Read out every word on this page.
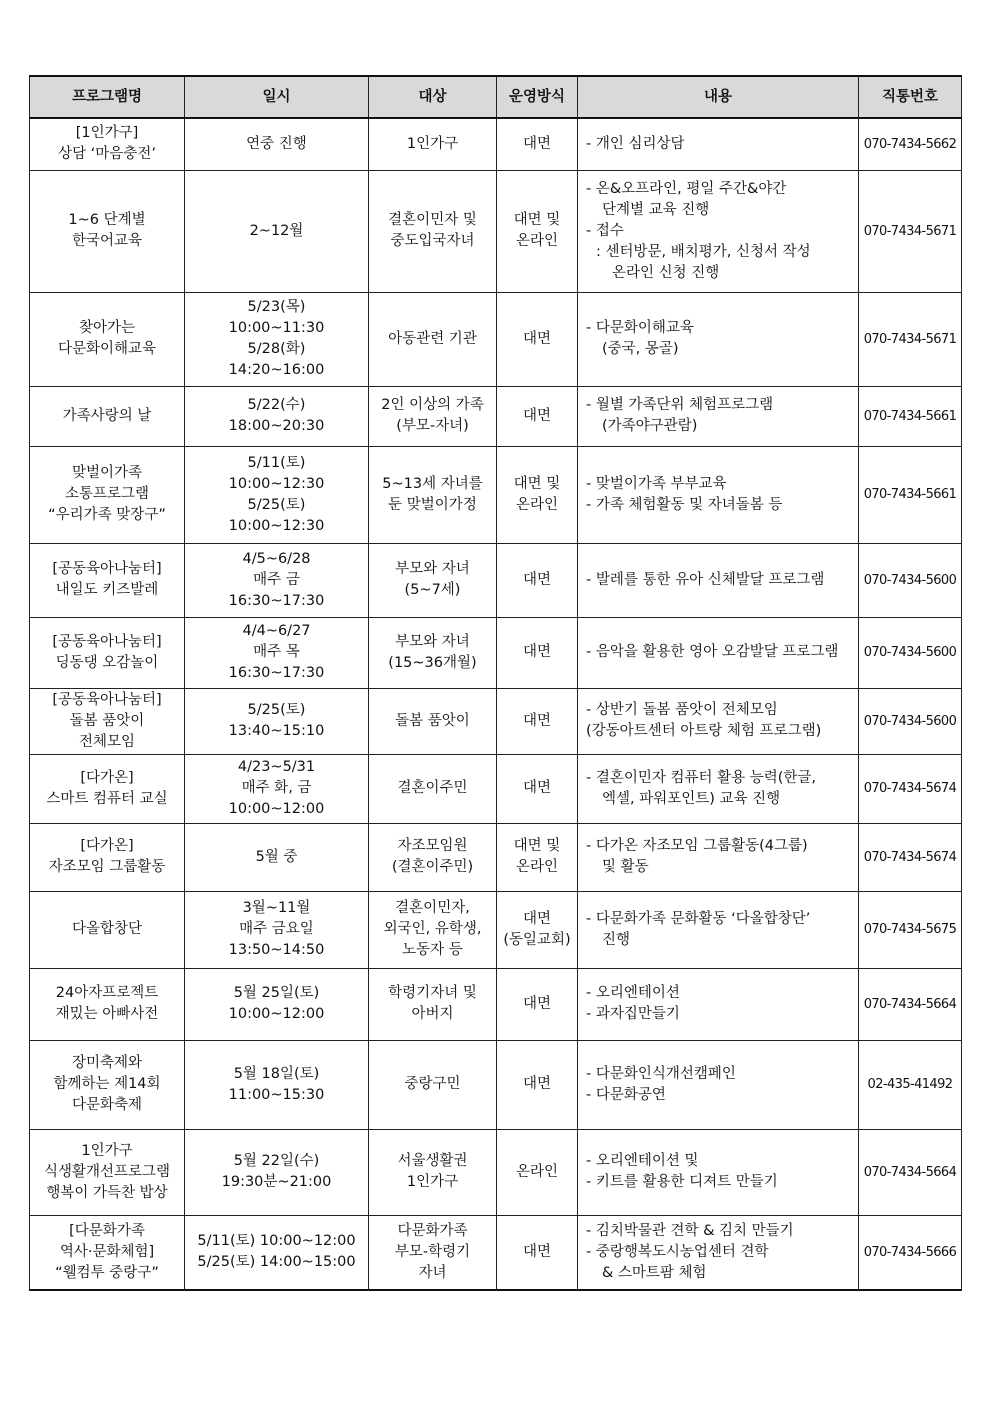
프로그램명	일시	대상	운영방식	내용	직통번호

[1인가구]
상담 ‘마음충전’	연중 진행	1인가구	대면	- 개인 심리상담	070-7434-5662

1~6 단계별
한국어교육	2~12월	결혼이민자 및
중도입국자녀	대면 및
온라인	- 온&오프라인, 평일 주간&야간
단계별 교육 진행
- 접수
: 센터방문, 배치평가, 신청서 작성
온라인 신청 진행	070-7434-5671

찾아가는
다문화이해교육	5/23(목)
10:00~11:30
5/28(화)
14:20~16:00	아동관련 기관	대면	- 다문화이해교육
(중국, 몽골)	070-7434-5671

가족사랑의 날	5/22(수)
18:00~20:30	2인 이상의 가족
(부모-자녀)	대면	- 월별 가족단위 체험프로그램
(가족야구관람)	070-7434-5661

맞벌이가족
소통프로그램
“우리가족 맞장구”	5/11(토)
10:00~12:30
5/25(토)
10:00~12:30	5~13세 자녀를
둔 맞벌이가정	대면 및
온라인	- 맞벌이가족 부부교육
- 가족 체험활동 및 자녀돌봄 등	070-7434-5661

[공동육아나눔터]
내일도 키즈발레	4/5~6/28
매주 금
16:30~17:30	부모와 자녀
(5~7세)	대면	- 발레를 통한 유아 신체발달 프로그램	070-7434-5600

[공동육아나눔터]
딩동댕 오감놀이	4/4~6/27
매주 목
16:30~17:30	부모와 자녀
(15~36개월)	대면	- 음악을 활용한 영아 오감발달 프로그램	070-7434-5600

[공동육아나눔터]
돌봄 품앗이
전체모임	5/25(토)
13:40~15:10	돌봄 품앗이	대면	- 상반기 돌봄 품앗이 전체모임
(강동아트센터 아트랑 체험 프로그램)	070-7434-5600

[다가온]
스마트 컴퓨터 교실	4/23~5/31
매주 화, 금
10:00~12:00	결혼이주민	대면	- 결혼이민자 컴퓨터 활용 능력(한글,
엑셀, 파워포인트) 교육 진행	070-7434-5674

[다가온]
자조모임 그룹활동	5월 중	자조모임원
(결혼이주민)	대면 및
온라인	- 다가온 자조모임 그룹활동(4그룹)
및 활동	070-7434-5674

다올합창단	3월~11월
매주 금요일
13:50~14:50	결혼이민자,
외국인, 유학생,
노동자 등	대면
(동일교회)	- 다문화가족 문화활동 ‘다올합창단’
진행	070-7434-5675

24아자프로젝트
재밌는 아빠사전	5월 25일(토)
10:00~12:00	학령기자녀 및
아버지	대면	- 오리엔테이션
- 과자집만들기	070-7434-5664

장미축제와
함께하는 제14회
다문화축제	5월 18일(토)
11:00~15:30	중랑구민	대면	- 다문화인식개선캠페인
- 다문화공연	02-435-41492

1인가구
식생활개선프로그램
행복이 가득찬 밥상	5월 22일(수)
19:30분~21:00	서울생활권
1인가구	온라인	- 오리엔테이션 및
- 키트를 활용한 디져트 만들기	070-7434-5664

[다문화가족
역사·문화체험]
“웰컴투 중랑구”	5/11(토) 10:00~12:00
5/25(토) 14:00~15:00	다문화가족
부모-학령기
자녀	대면	- 김치박물관 견학 & 김치 만들기
- 중랑행복도시농업센터 견학
& 스마트팜 체험	070-7434-5666
